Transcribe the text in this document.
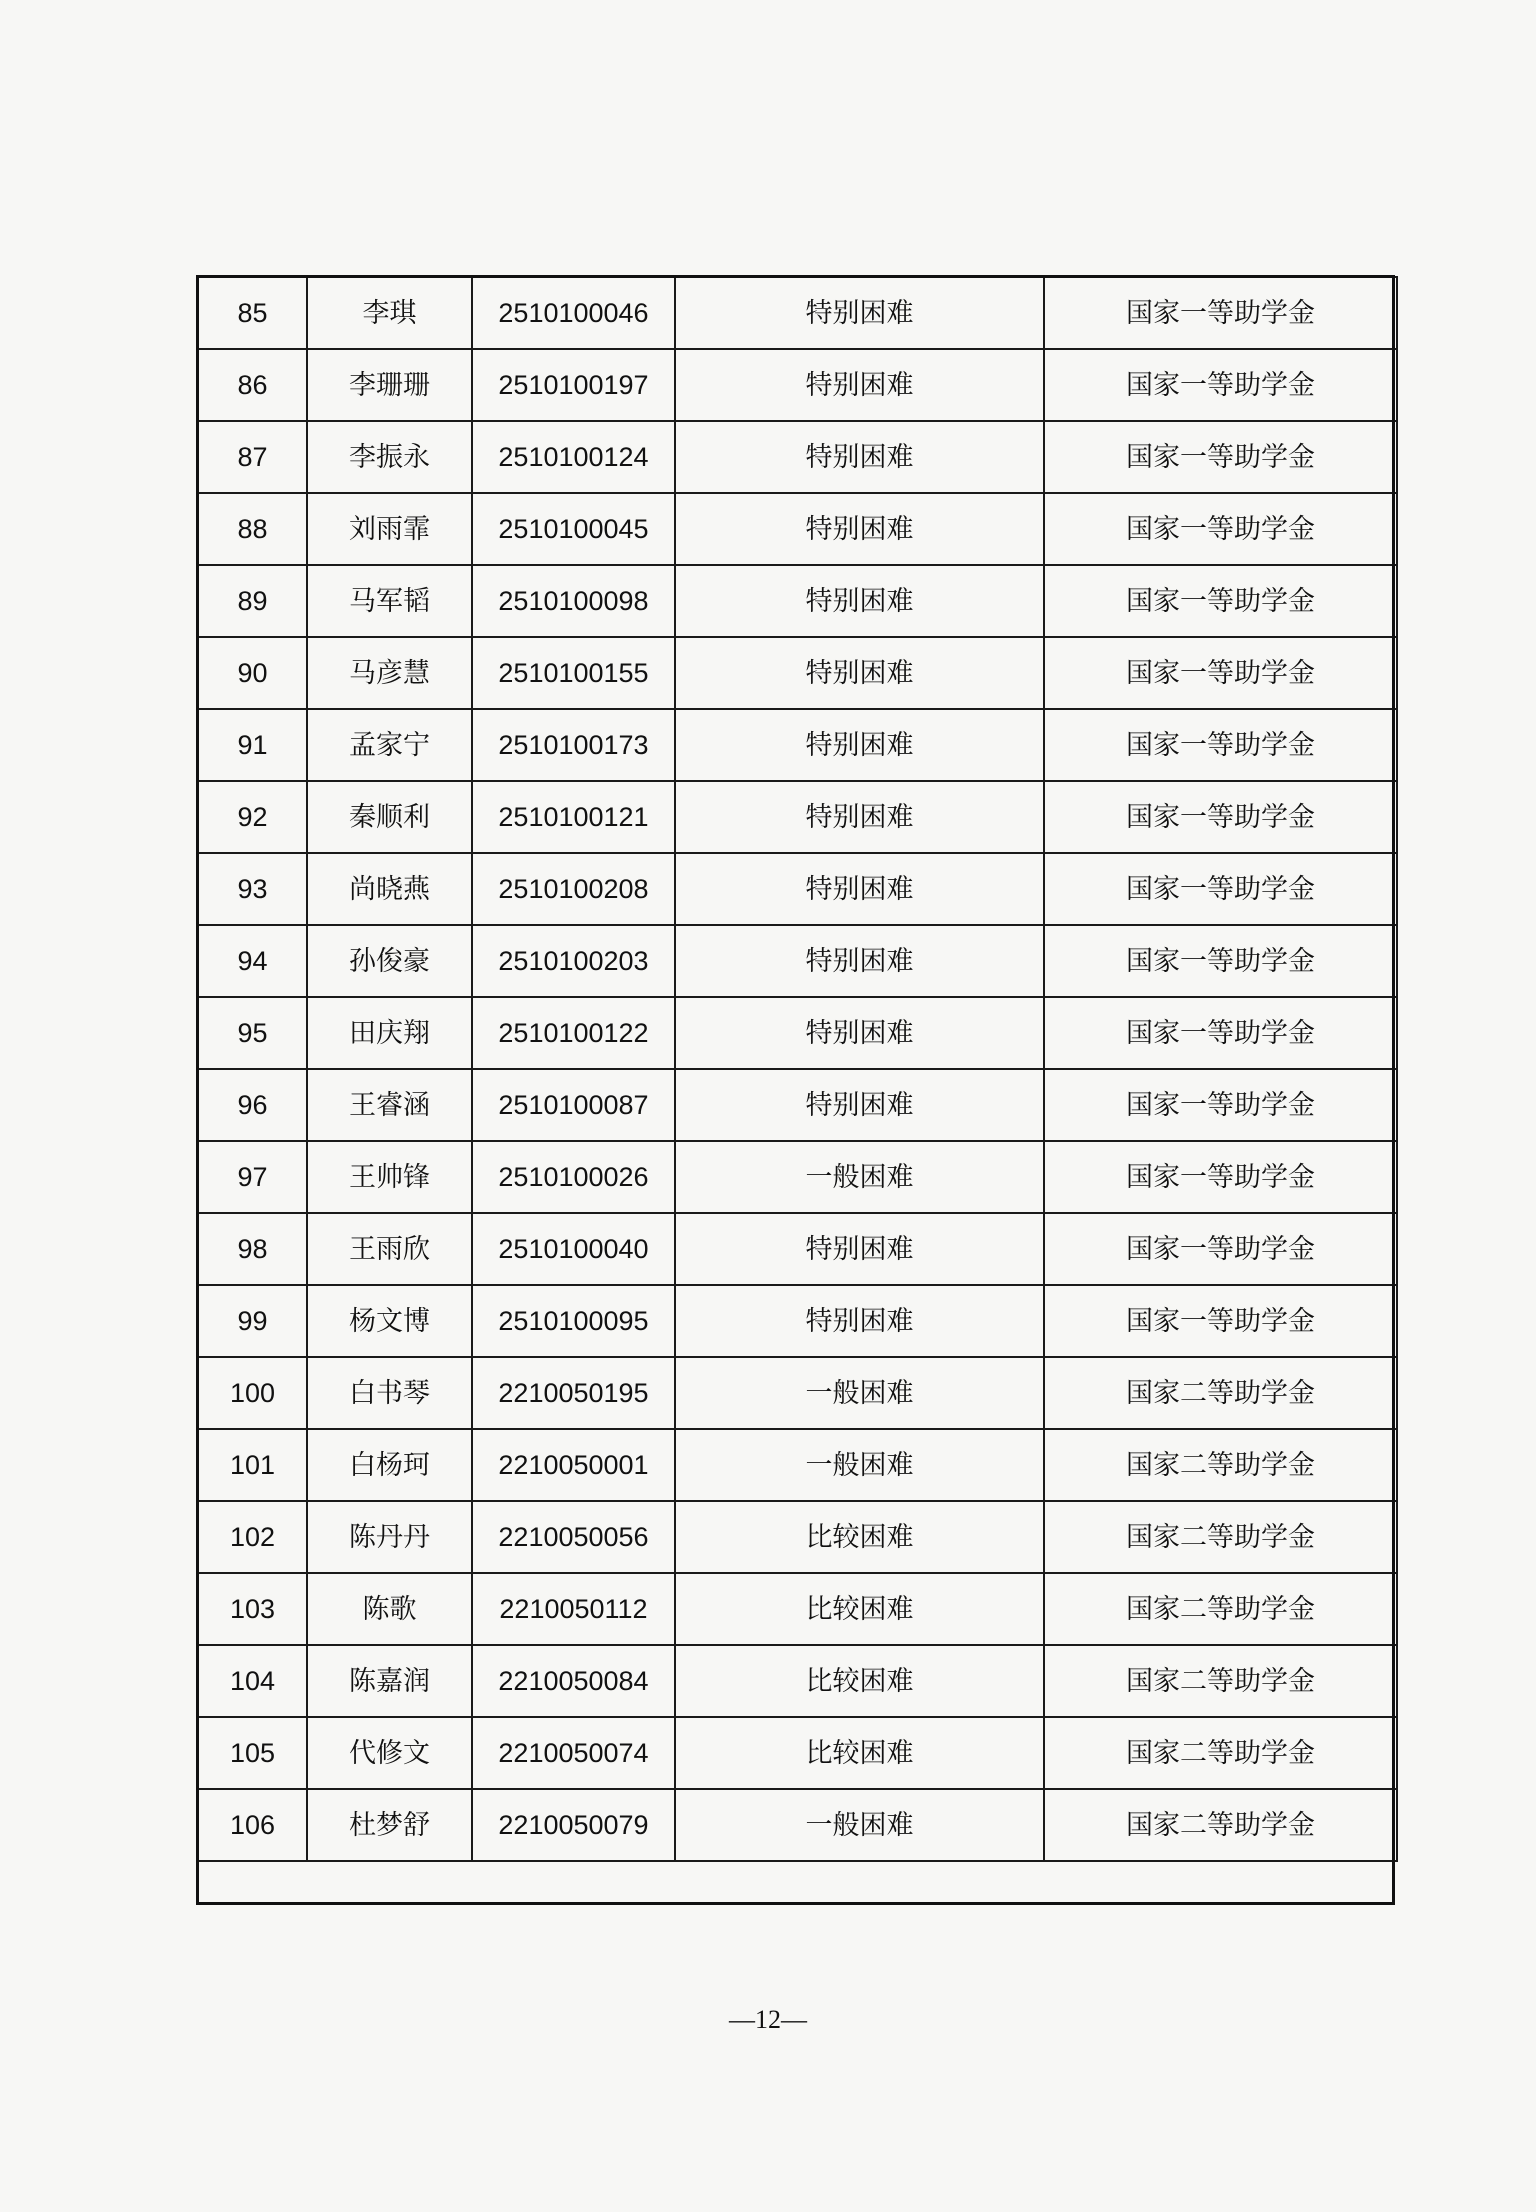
85	李琪	2510100046	特别困难	国家一等助学金
86	李珊珊	2510100197	特别困难	国家一等助学金
87	李振永	2510100124	特别困难	国家一等助学金
88	刘雨霏	2510100045	特别困难	国家一等助学金
89	马军韬	2510100098	特别困难	国家一等助学金
90	马彦慧	2510100155	特别困难	国家一等助学金
91	孟家宁	2510100173	特别困难	国家一等助学金
92	秦顺利	2510100121	特别困难	国家一等助学金
93	尚晓燕	2510100208	特别困难	国家一等助学金
94	孙俊豪	2510100203	特别困难	国家一等助学金
95	田庆翔	2510100122	特别困难	国家一等助学金
96	王睿涵	2510100087	特别困难	国家一等助学金
97	王帅锋	2510100026	一般困难	国家一等助学金
98	王雨欣	2510100040	特别困难	国家一等助学金
99	杨文博	2510100095	特别困难	国家一等助学金
100	白书琴	2210050195	一般困难	国家二等助学金
101	白杨珂	2210050001	一般困难	国家二等助学金
102	陈丹丹	2210050056	比较困难	国家二等助学金
103	陈歌	2210050112	比较困难	国家二等助学金
104	陈嘉润	2210050084	比较困难	国家二等助学金
105	代修文	2210050074	比较困难	国家二等助学金
106	杜梦舒	2210050079	一般困难	国家二等助学金
—12—
